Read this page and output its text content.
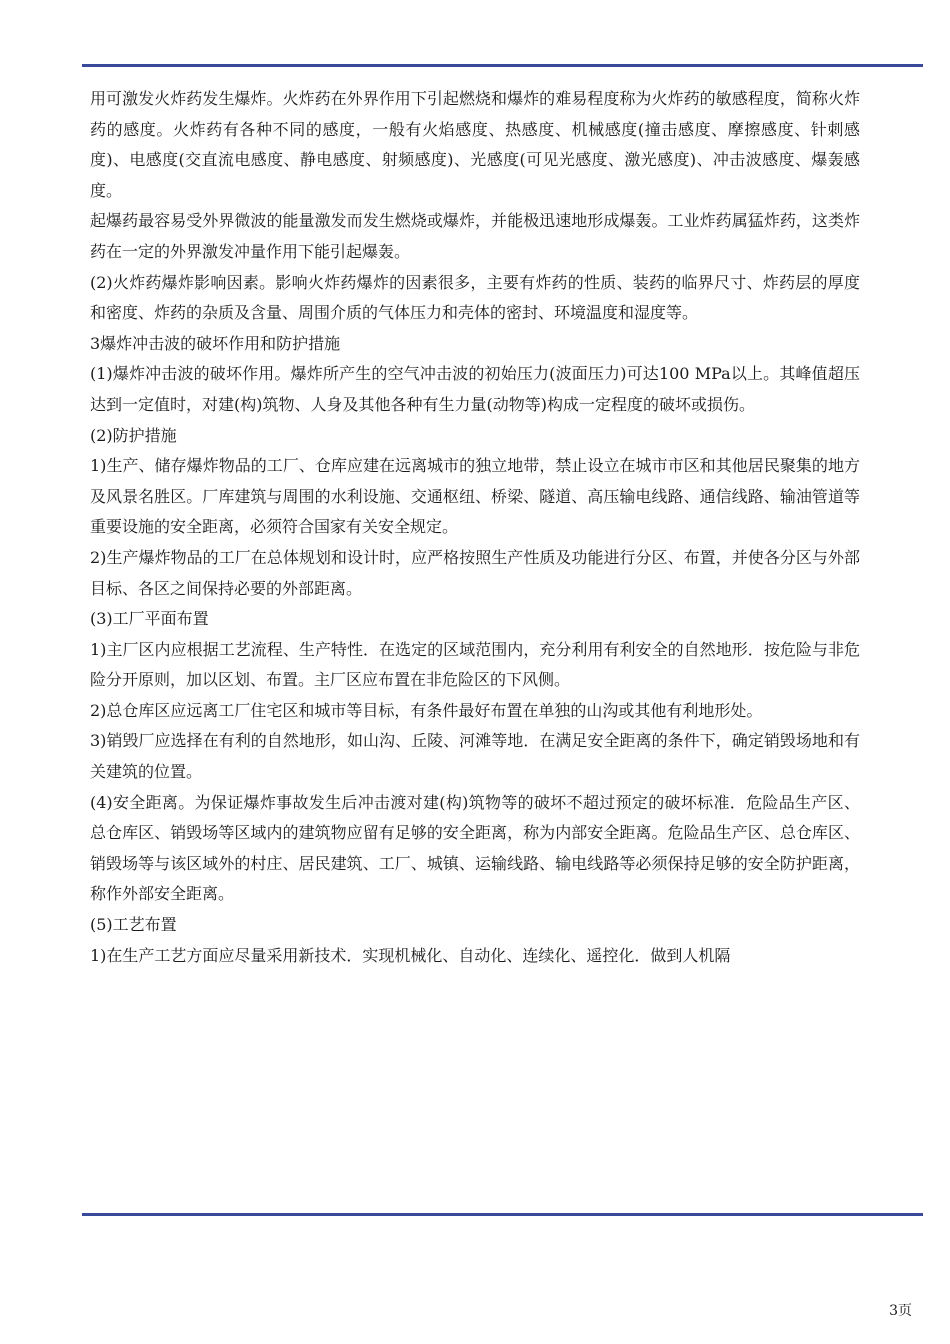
用可激发火炸药发生爆炸。火炸药在外界作用下引起燃烧和爆炸的难易程度称为火炸药的敏感程度，简称火炸药的感度。火炸药有各种不同的感度，一般有火焰感度、热感度、机械感度(撞击感度、摩擦感度、针刺感度)、电感度(交直流电感度、静电感度、射频感度)、光感度(可见光感度、激光感度)、冲击波感度、爆轰感度。

起爆药最容易受外界微波的能量激发而发生燃烧或爆炸，并能极迅速地形成爆轰。工业炸药属猛炸药，这类炸药在一定的外界激发冲量作用下能引起爆轰。

(2)火炸药爆炸影响因素。影响火炸药爆炸的因素很多，主要有炸药的性质、装药的临界尺寸、炸药层的厚度和密度、炸药的杂质及含量、周围介质的气体压力和壳体的密封、环境温度和湿度等。

3爆炸冲击波的破坏作用和防护措施

(1)爆炸冲击波的破坏作用。爆炸所产生的空气冲击波的初始压力(波面压力)可达100 MPa以上。其峰值超压达到一定值时，对建(构)筑物、人身及其他各种有生力量(动物等)构成一定程度的破坏或损伤。

(2)防护措施

1)生产、储存爆炸物品的工厂、仓库应建在远离城市的独立地带，禁止设立在城市市区和其他居民聚集的地方及风景名胜区。厂库建筑与周围的水利设施、交通枢纽、桥梁、隧道、高压输电线路、通信线路、输油管道等重要设施的安全距离，必须符合国家有关安全规定。

2)生产爆炸物品的工厂在总体规划和设计时，应严格按照生产性质及功能进行分区、布置，并使各分区与外部目标、各区之间保持必要的外部距离。

(3)工厂平面布置

1)主厂区内应根据工艺流程、生产特性．在选定的区域范围内，充分利用有利安全的自然地形．按危险与非危险分开原则，加以区划、布置。主厂区应布置在非危险区的下风侧。

2)总仓库区应远离工厂住宅区和城市等目标，有条件最好布置在单独的山沟或其他有利地形处。

3)销毁厂应选择在有利的自然地形，如山沟、丘陵、河滩等地．在满足安全距离的条件下，确定销毁场地和有关建筑的位置。

(4)安全距离。为保证爆炸事故发生后冲击渡对建(构)筑物等的破坏不超过预定的破坏标准．危险品生产区、总仓库区、销毁场等区域内的建筑物应留有足够的安全距离，称为内部安全距离。危险品生产区、总仓库区、销毁场等与该区域外的村庄、居民建筑、工厂、城镇、运输线路、输电线路等必须保持足够的安全防护距离，称作外部安全距离。

(5)工艺布置

1)在生产工艺方面应尽量采用新技术．实现机械化、自动化、连续化、遥控化．做到人机隔

3页
